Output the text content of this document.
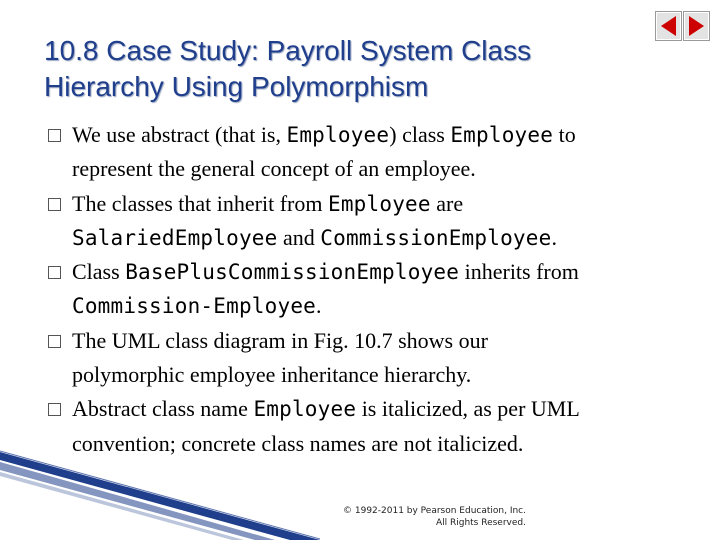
10.8 Case Study: Payroll System Class
Hierarchy Using Polymorphism
We use abstract (that is, Employee) class Employee to
represent the general concept of an employee.
The classes that inherit from Employee are
SalariedEmployee and CommissionEmployee.
Class BasePlusCommissionEmployee inherits from
Commission-Employee.
The UML class diagram in Fig. 10.7 shows our
polymorphic employee inheritance hierarchy.
Abstract class name Employee is italicized, as per UML
convention; concrete class names are not italicized.
© 1992-2011 by Pearson Education, Inc.
All Rights Reserved.
